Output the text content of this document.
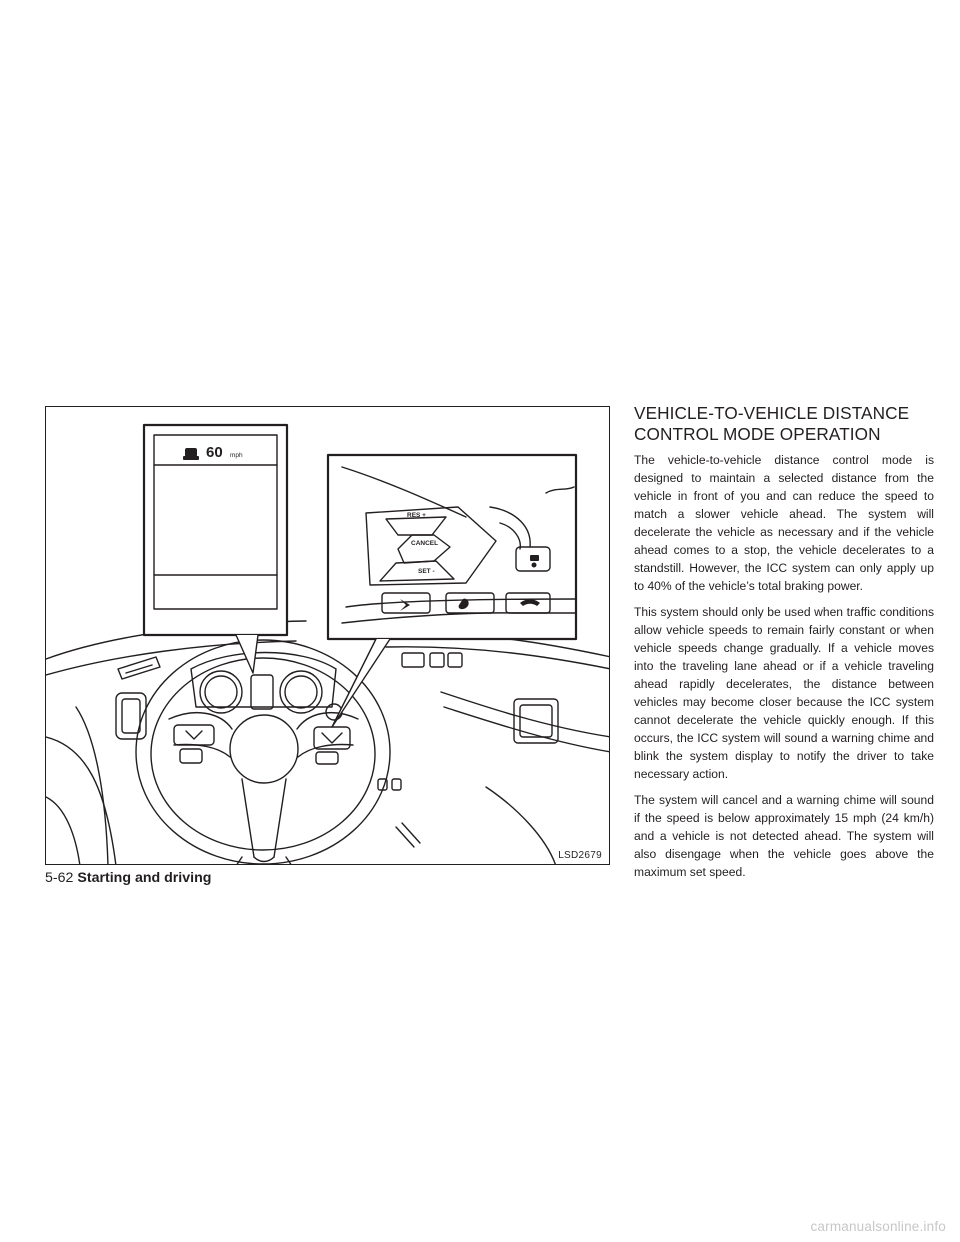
60 mph
RES +
CANCEL
SET -
LSD2679
VEHICLE-TO-VEHICLE DISTANCE
CONTROL MODE OPERATION

The vehicle-to-vehicle distance control mode is designed to maintain a selected distance from the vehicle in front of you and can reduce the speed to match a slower vehicle ahead. The system will decelerate the vehicle as necessary and if the vehicle ahead comes to a stop, the vehicle decelerates to a standstill. However, the ICC system can only apply up to 40% of the vehicle’s total braking power.

This system should only be used when traffic conditions allow vehicle speeds to remain fairly constant or when vehicle speeds change gradually. If a vehicle moves into the traveling lane ahead or if a vehicle traveling ahead rapidly decelerates, the distance between vehicles may become closer because the ICC system cannot decelerate the vehicle quickly enough. If this occurs, the ICC system will sound a warning chime and blink the system display to notify the driver to take necessary action.

The system will cancel and a warning chime will sound if the speed is below approximately 15 mph (24 km/h) and a vehicle is not detected ahead. The system will also disengage when the vehicle goes above the maximum set speed.

5-62 Starting and driving
carmanualsonline.info
